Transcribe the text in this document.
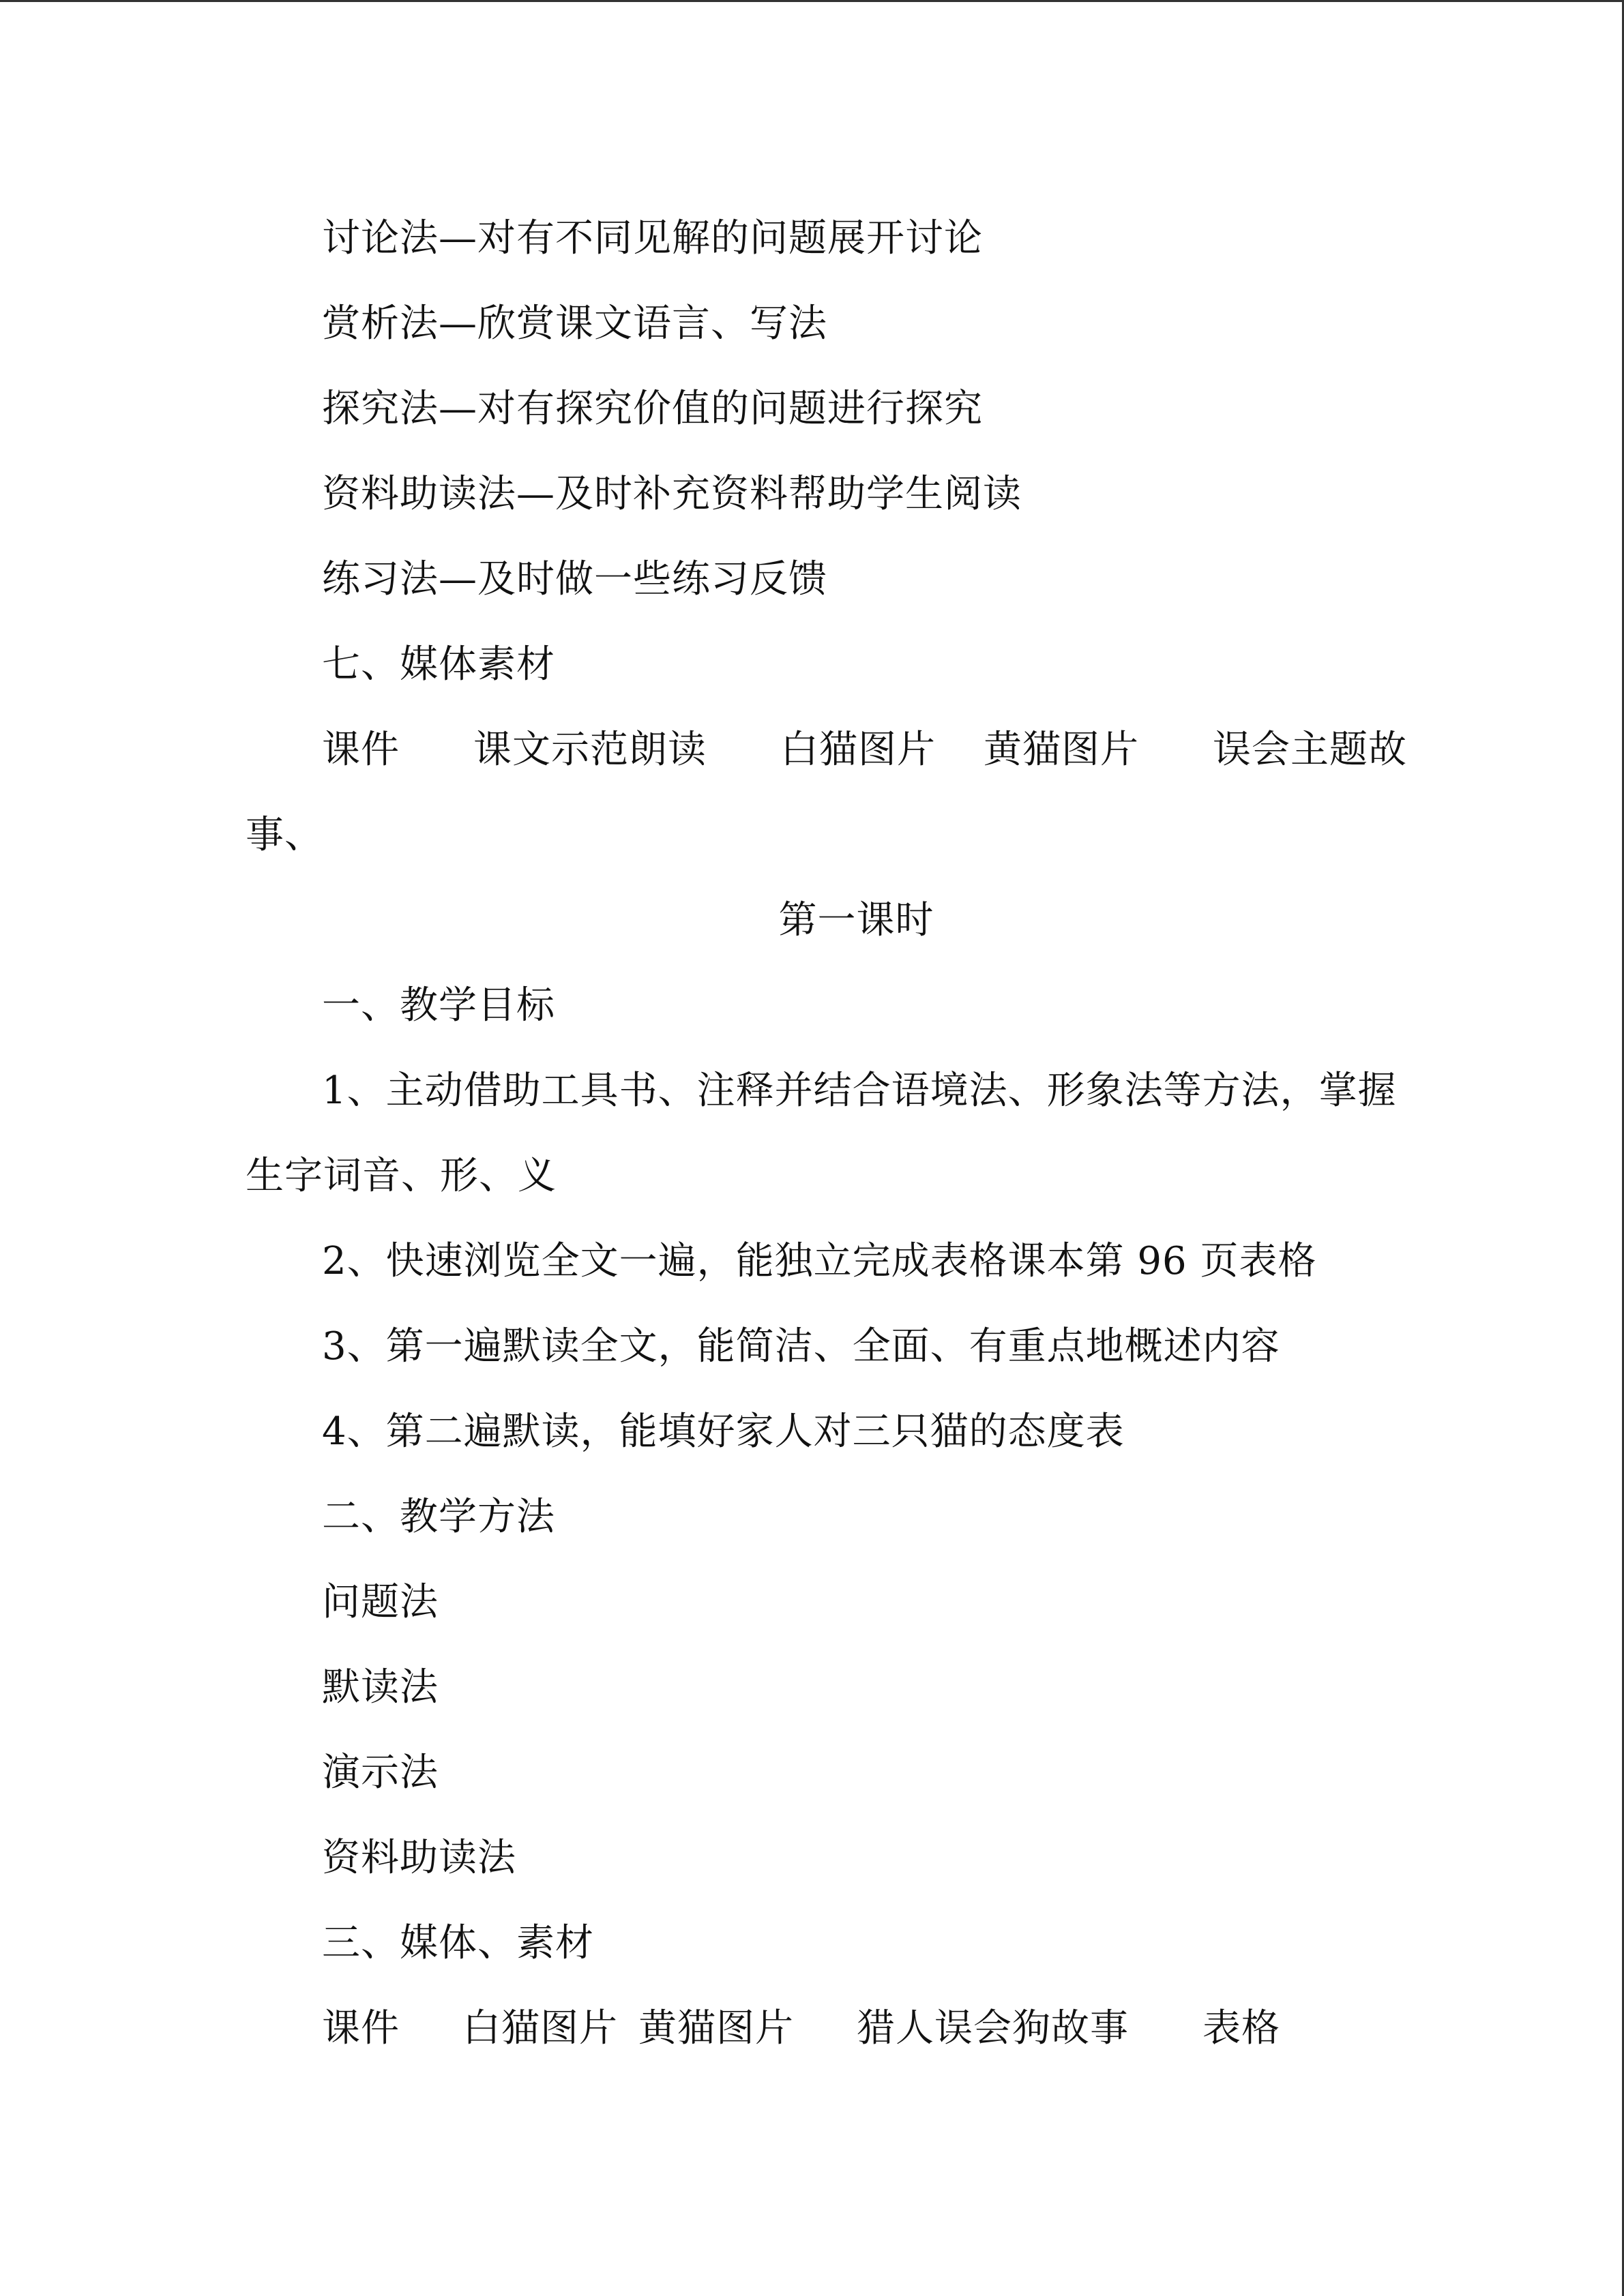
讨论法—对有不同见解的问题展开讨论
赏析法—欣赏课文语言、写法
探究法—对有探究价值的问题进行探究
资料助读法—及时补充资料帮助学生阅读
练习法—及时做一些练习反馈
七、媒体素材
课件 课文示范朗读 白猫图片 黄猫图片 误会主题故
事、
第一课时
一、教学目标
1、主动借助工具书、注释并结合语境法、形象法等方法，掌握
生字词音、形、义
2、快速浏览全文一遍，能独立完成表格课本第 96 页表格
3、第一遍默读全文，能简洁、全面、有重点地概述内容
4、第二遍默读，能填好家人对三只猫的态度表
二、教学方法
问题法
默读法
演示法
资料助读法
三、媒体、素材
课件 白猫图片 黄猫图片 猎人误会狗故事 表格
